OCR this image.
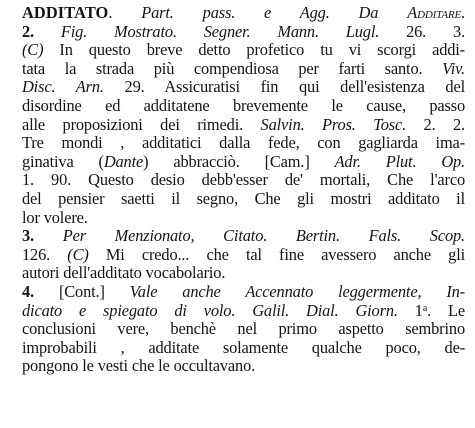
ADDITATO. Part. pass. e Agg. Da Additare.
2. Fig. Mostrato. Segner. Mann. Lugl. 26. 3.
(C) In questo breve detto profetico tu vi scorgi addi-
tata la strada più compendiosa per farti santo. Viv.
Disc. Arn. 29. Assicuratisi fin qui dell'esistenza del
disordine ed additatene brevemente le cause, passo
alle proposizioni dei rimedi. Salvin. Pros. Tosc. 2. 2.
Tre mondi , additatici dalla fede, con gagliarda ima-
ginativa (Dante) abbracciò. [Cam.] Adr. Plut. Op.
1. 90. Questo desio debb'esser de' mortali, Che l'arco
del pensier saetti il segno, Che gli mostri additato il
lor volere.
3. Per Menzionato, Citato. Bertin. Fals. Scop.
126. (C) Mi credo... che tal fine avessero anche gli
autori dell'additato vocabolario.
4. [Cont.] Vale anche Accennato leggermente, In-
dicato e spiegato di volo. Galil. Dial. Giorn. 1$^a$. Le
conclusioni vere, benchè nel primo aspetto sembrino
improbabili , additate solamente qualche poco, de-
pongono le vesti che le occultavano.
